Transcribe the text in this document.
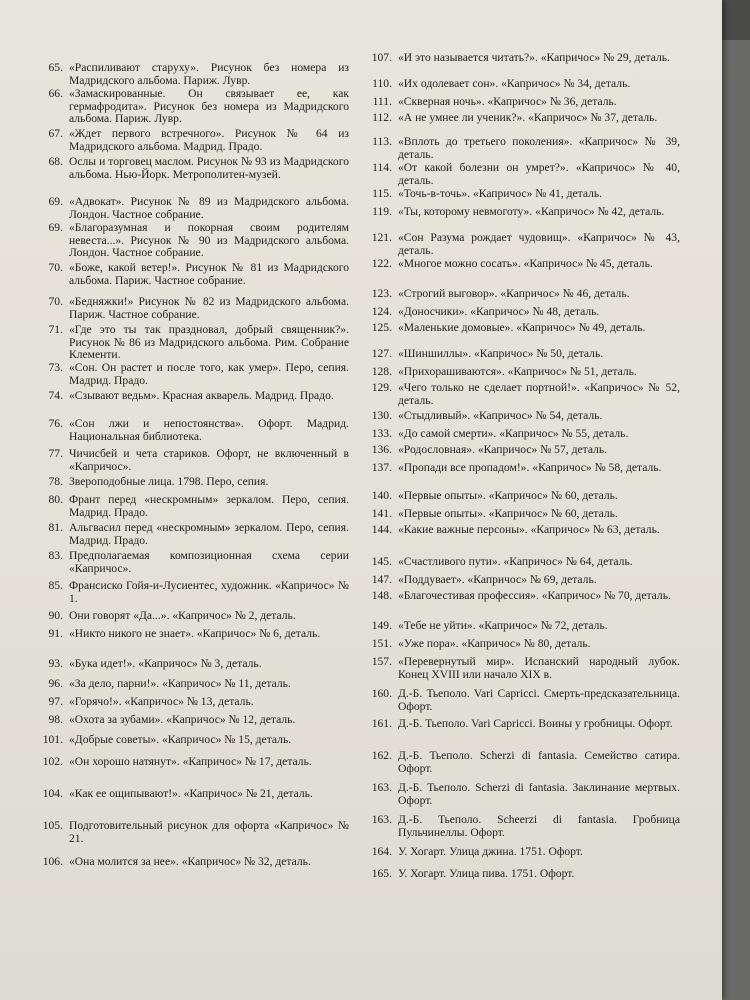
65. «Распиливают старуху». Рисунок без номера из Мадридского альбома. Париж. Лувр.
66. «Замаскированные. Он связывает ее, как гермафродита». Рисунок без номера из Мадридского альбома. Париж. Лувр.
67. «Ждет первого встречного». Рисунок № 64 из Мадридского альбома. Мадрид. Прадо.
68. Ослы и торговец маслом. Рисунок № 93 из Мадридского альбома. Нью-Йорк. Метрополитен-музей.
69. «Адвокат». Рисунок № 89 из Мадридского альбома. Лондон. Частное собрание.
69. «Благоразумная и покорная своим родителям невеста...». Рисунок № 90 из Мадридского альбома. Лондон. Частное собрание.
70. «Боже, какой ветер!». Рисунок № 81 из Мадридского альбома. Париж. Частное собрание.
70. «Бедняжки!» Рисунок № 82 из Мадридского альбома. Париж. Частное собрание.
71. «Где это ты так праздновал, добрый священник?». Рисунок № 86 из Мадридского альбома. Рим. Собрание Клементи.
73. «Сон. Он растет и после того, как умер». Перо, сепия. Мадрид. Прадо.
74. «Сзывают ведьм». Красная акварель. Мадрид. Прадо.
76. «Сон лжи и непостоянства». Офорт. Мадрид. Национальная библиотека.
77. Чичисбей и чета стариков. Офорт, не включенный в «Капричос».
78. Звероподобные лица. 1798. Перо, сепия.
80. Франт перед «нескромным» зеркалом. Перо, сепия. Мадрид. Прадо.
81. Альгвасил перед «нескромным» зеркалом. Перо, сепия. Мадрид. Прадо.
83. Предполагаемая композиционная схема серии «Капричос».
85. Франсиско Гойя-и-Лусиентес, художник. «Капричос» № 1.
90. Они говорят «Да...». «Капричос» № 2, деталь.
91. «Никто никого не знает». «Капричос» № 6, деталь.
93. «Бука идет!». «Капричос» № 3, деталь.
96. «За дело, парни!». «Капричос» № 11, деталь.
97. «Горячо!». «Капричос» № 13, деталь.
98. «Охота за зубами». «Капричос» № 12, деталь.
101. «Добрые советы». «Капричос» № 15, деталь.
102. «Он хорошо натянут». «Капричос» № 17, деталь.
104. «Как ее ощипывают!». «Капричос» № 21, деталь.
105. Подготовительный рисунок для офорта «Капричос» № 21.
106. «Она молится за нее». «Капричос» № 32, деталь.
107. «И это называется читать?». «Капричос» № 29, деталь.
110. «Их одолевает сон». «Капричос» № 34, деталь.
111. «Скверная ночь». «Капричос» № 36, деталь.
112. «А не умнее ли ученик?». «Капричос» № 37, деталь.
113. «Вплоть до третьего поколения». «Капричос» № 39, деталь.
114. «От какой болезни он умрет?». «Капричос» № 40, деталь.
115. «Точь-в-точь». «Капричос» № 41, деталь.
119. «Ты, которому невмоготу». «Капричос» № 42, деталь.
121. «Сон Разума рождает чудовищ». «Капричос» № 43, деталь.
122. «Многое можно сосать». «Капричос» № 45, деталь.
123. «Строгий выговор». «Капричос» № 46, деталь.
124. «Доносчики». «Капричос» № 48, деталь.
125. «Маленькие домовые». «Капричос» № 49, деталь.
127. «Шиншиллы». «Капричос» № 50, деталь.
128. «Прихорашиваются». «Капричос» № 51, деталь.
129. «Чего только не сделает портной!». «Капричос» № 52, деталь.
130. «Стыдливый». «Капричос» № 54, деталь.
133. «До самой смерти». «Капричос» № 55, деталь.
136. «Родословная». «Капричос» № 57, деталь.
137. «Пропади все пропадом!». «Капричос» № 58, деталь.
140. «Первые опыты». «Капричос» № 60, деталь.
141. «Первые опыты». «Капричос» № 60, деталь.
144. «Какие важные персоны». «Капричос» № 63, деталь.
145. «Счастливого пути». «Капричос» № 64, деталь.
147. «Поддувает». «Капричос» № 69, деталь.
148. «Благочестивая профессия». «Капричос» № 70, деталь.
149. «Тебе не уйти». «Капричос» № 72, деталь.
151. «Уже пора». «Капричос» № 80, деталь.
157. «Перевернутый мир». Испанский народный лубок. Конец XVIII или начало XIX в.
160. Д.-Б. Тьеполо. Vari Capricci. Смерть-предсказательница. Офорт.
161. Д.-Б. Тьеполо. Vari Capricci. Воины у гробницы. Офорт.
162. Д.-Б. Тьеполо. Scherzi di fantasia. Семейство сатира. Офорт.
163. Д.-Б. Тьеполо. Scherzi di fantasia. Заклинание мертвых. Офорт.
163. Д.-Б. Тьеполо. Scheerzi di fantasia. Гробница Пульчинеллы. Офорт.
164. У. Хогарт. Улица джина. 1751. Офорт.
165. У. Хогарт. Улица пива. 1751. Офорт.
